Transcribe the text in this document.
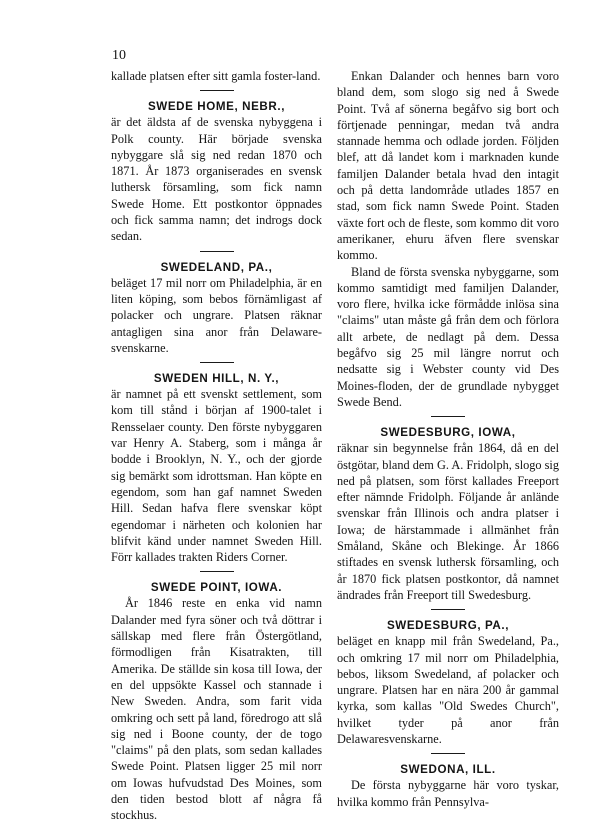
10

kallade platsen efter sitt gamla foster-land.

SWEDE HOME, NEBR.,

är det äldsta af de svenska nybyggena i Polk county. Här började svenska nybyggare slå sig ned redan 1870 och 1871. År 1873 organiserades en svensk luthersk församling, som fick namn Swede Home. Ett postkontor öppnades och fick samma namn; det indrogs dock sedan.

SWEDELAND, PA.,

beläget 17 mil norr om Philadelphia, är en liten köping, som bebos förnämligast af polacker och ungrare. Platsen räknar antagligen sina anor från Delaware-svenskarne.

SWEDEN HILL, N. Y.,

är namnet på ett svenskt settlement, som kom till stånd i början af 1900-talet i Rensselaer county. Den förste nybyggaren var Henry A. Staberg, som i många år bodde i Brooklyn, N. Y., och der gjorde sig bemärkt som idrottsman. Han köpte en egendom, som han gaf namnet Sweden Hill. Sedan hafva flere svenskar köpt egendomar i närheten och kolonien har blifvit känd under namnet Sweden Hill. Förr kallades trakten Riders Corner.

SWEDE POINT, IOWA.

År 1846 reste en enka vid namn Dalander med fyra söner och två döttrar i sällskap med flere från Östergötland, förmodligen från Kisatrakten, till Amerika. De ställde sin kosa till Iowa, der en del uppsökte Kassel och stannade i New Sweden. Andra, som farit vida omkring och sett på land, föredrogo att slå sig ned i Boone county, der de togo "claims" på den plats, som sedan kallades Swede Point. Platsen ligger 25 mil norr om Iowas hufvudstad Des Moines, som den tiden bestod blott af några få stockhus.

Enkan Dalander och hennes barn voro bland dem, som slogo sig ned å Swede Point. Två af sönerna begåfvo sig bort och förtjenade penningar, medan två andra stannade hemma och odlade jorden. Följden blef, att då landet kom i marknaden kunde familjen Dalander betala hvad den intagit och på detta landområde utlades 1857 en stad, som fick namn Swede Point. Staden växte fort och de fleste, som kommo dit voro amerikaner, ehuru äfven flere svenskar kommo.

Bland de första svenska nybyggarne, som kommo samtidigt med familjen Dalander, voro flere, hvilka icke förmådde inlösa sina "claims" utan måste gå från dem och förlora allt arbete, de nedlagt på dem. Dessa begåfvo sig 25 mil längre norrut och nedsatte sig i Webster county vid Des Moines-floden, der de grundlade nybygget Swede Bend.

SWEDESBURG, IOWA,

räknar sin begynnelse från 1864, då en del östgötar, bland dem G. A. Fridolph, slogo sig ned på platsen, som först kallades Freeport efter nämnde Fridolph. Följande år anlände svenskar från Illinois och andra platser i Iowa; de härstammade i allmänhet från Småland, Skåne och Blekinge. År 1866 stiftades en svensk luthersk församling, och år 1870 fick platsen postkontor, då namnet ändrades från Freeport till Swedesburg.

SWEDESBURG, PA.,

beläget en knapp mil från Swedeland, Pa., och omkring 17 mil norr om Philadelphia, bebos, liksom Swedeland, af polacker och ungrare. Platsen har en nära 200 år gammal kyrka, som kallas "Old Swedes Church", hvilket tyder på anor från Delawaresvenskarne.

SWEDONA, ILL.

De första nybyggarne här voro tyskar, hvilka kommo från Pennsylva-
